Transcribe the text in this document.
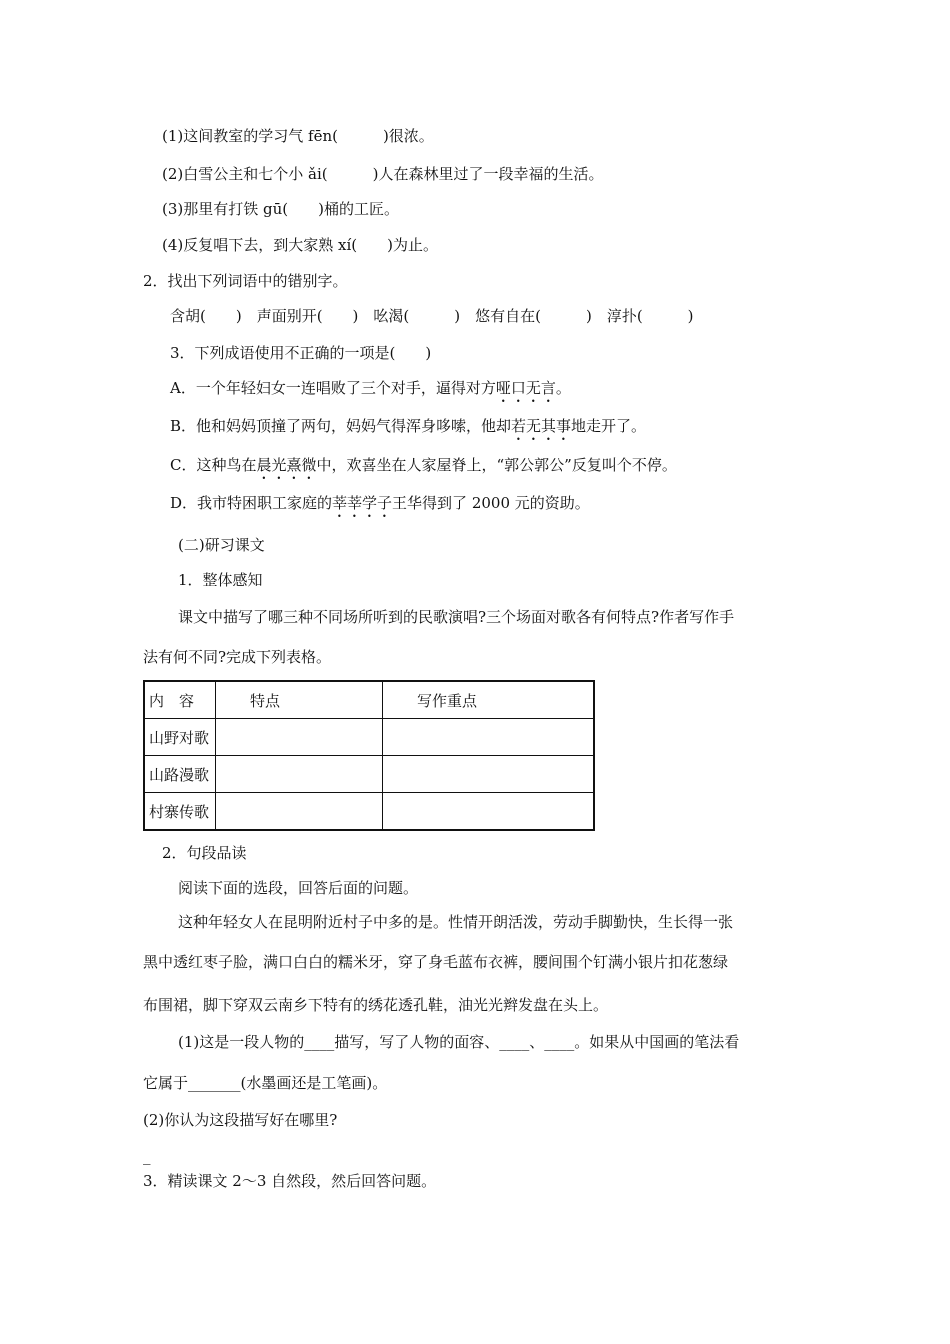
(1)这间教室的学习气 fēn(　　　)很浓。
(2)白雪公主和七个小 ǎi(　　　)人在森林里过了一段幸福的生活。
(3)那里有打铁 gū(　　)桶的工匠。
(4)反复唱下去，到大家熟 xí(　　)为止。
2．找出下列词语中的错别字。
含胡(　　)　声面别开(　　)　吆渴(　　　)　悠有自在(　　　)　淳扑(　　　)
3．下列成语使用不正确的一项是(　　)
A．一个年轻妇女一连唱败了三个对手，逼得对方哑口无言。
B．他和妈妈顶撞了两句，妈妈气得浑身哆嗦，他却若无其事地走开了。
C．这种鸟在晨光熹微中，欢喜坐在人家屋脊上，“郭公郭公”反复叫个不停。
D．我市特困职工家庭的莘莘学子王华得到了 2000 元的资助。
(二)研习课文
1．整体感知
课文中描写了哪三种不同场所听到的民歌演唱?三个场面对歌各有何特点?作者写作手
法有何不同?完成下列表格。
内　容	特点	写作重点
山野对歌		
山路漫歌		
村寨传歌		
2．句段品读
阅读下面的选段，回答后面的问题。
这种年轻女人在昆明附近村子中多的是。性情开朗活泼，劳动手脚勤快，生长得一张
黑中透红枣子脸，满口白白的糯米牙，穿了身毛蓝布衣裤，腰间围个钉满小银片扣花葱绿
布围裙，脚下穿双云南乡下特有的绣花透孔鞋，油光光辫发盘在头上。
(1)这是一段人物的____描写，写了人物的面容、____、____。如果从中国画的笔法看
它属于_______(水墨画还是工笔画)。
(2)你认为这段描写好在哪里?
_
3．精读课文 2～3 自然段，然后回答问题。
